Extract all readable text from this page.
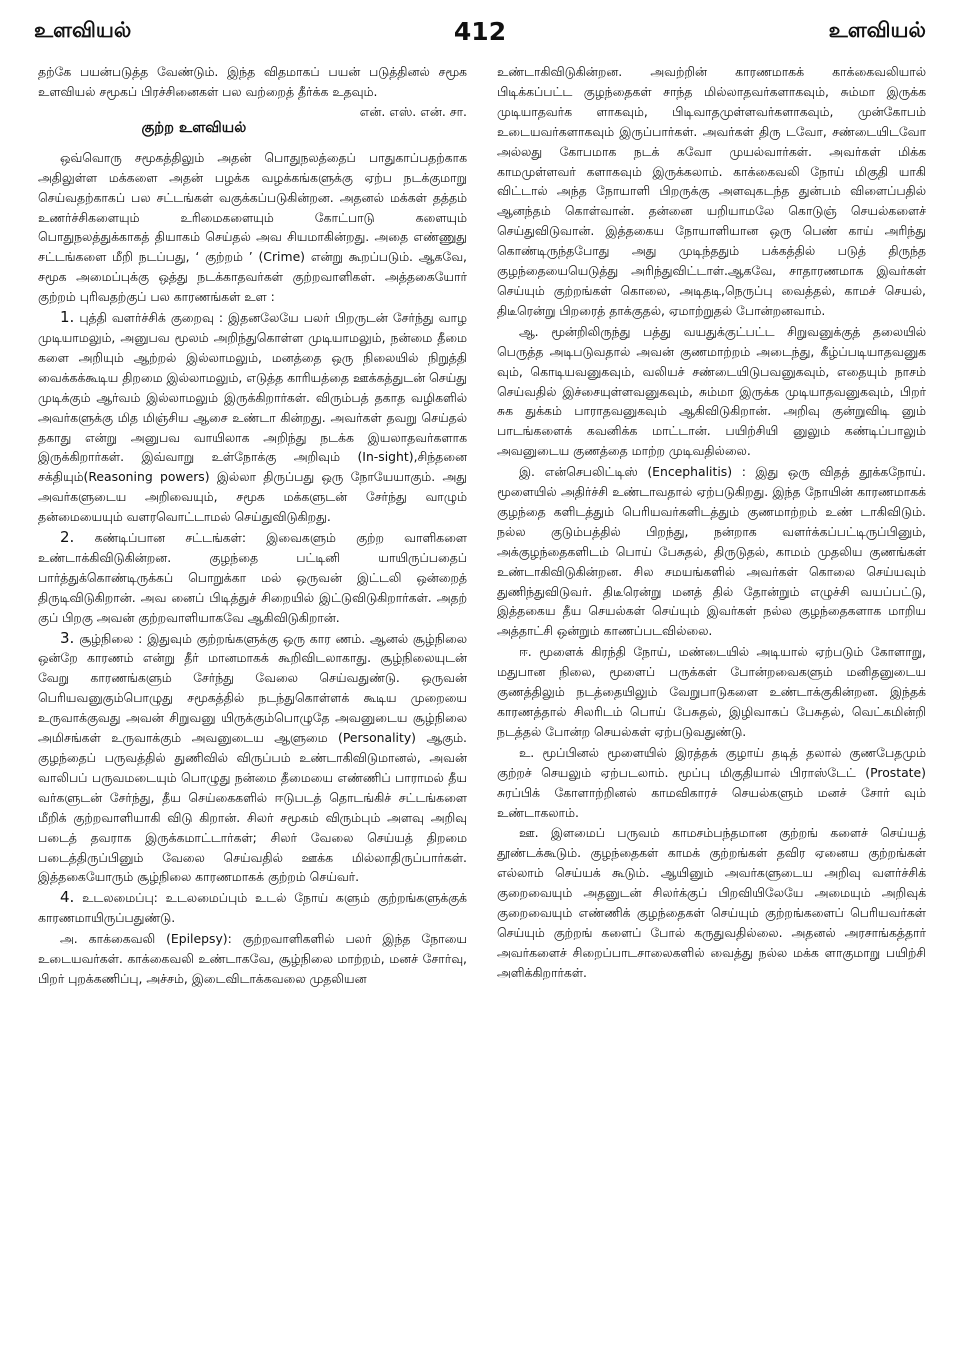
உளவியல்	412	உளவியல்

தற்கே பயன்படுத்த வேண்டும். இந்த விதமாகப் பயன் படுத்தினல் சமூக உளவியல் சமூகப் பிரச்சினைகள் பல வற்றைத் தீர்க்க உதவும்.
என். எஸ். என். சா.

குற்ற உளவியல்

ஒவ்வொரு சமூகத்திலும் அதன் பொதுநலத்தைப் பாதுகாப்பதற்காக அதிலுள்ள மக்களை அதன் பழக்க வழக்கங்களுக்கு ஏற்ப நடக்குமாறு செய்வதற்காகப் பல சட்டங்கள் வகுக்கப்படுகின்றன. அதனல் மக்கள் தத்தம் உணர்ச்சிகளையும் உரிமைகளையும் கோட்பாடு களையும் பொதுநலத்துக்காகத் தியாகம் செய்தல் அவ சியமாகின்றது. அதை எண்ணுது சட்டங்களை மீறி நடப்பது, ‘ குற்றம் ’ (Crime) என்று கூறப்படும். ஆகவே, சமூக அமைப்புக்கு ஒத்து நடக்காதவர்கள் குற்றவாளிகள். அத்தகையோர் குற்றம் புரிவதற்குப் பல காரணங்கள் உள :

1. புத்தி வளர்ச்சிக் குறைவு : இதனலேயே பலர் பிறருடன் சேர்ந்து வாழ முடியாமலும், அனுபவ மூலம் அறிந்துகொள்ள முடியாமலும், நன்மை தீமை களை அறியும் ஆற்றல் இல்லாமலும், மனத்தை ஒரு நிலையில் நிறுத்தி வைக்கக்கூடிய திறமை இல்லாமலும், எடுத்த காரியத்தை ஊக்கத்துடன் செய்து முடிக்கும் ஆர்வம் இல்லாமலும் இருக்கிறார்கள். விரும்பத் தகாத வழிகளில் அவர்களுக்கு மித மிஞ்சிய ஆசை உண்டா கின்றது. அவர்கள் தவறு செய்தல் தகாது என்று அனுபவ வாயிலாக அறிந்து நடக்க இயலாதவர்களாக இருக்கிறார்கள். இவ்வாறு உள்நோக்கு அறிவும் (In-sight),சிந்தனை சக்தியும்(Reasoning powers) இல்லா திருப்பது ஒரு நோயேயாகும். அது அவர்களுடைய அறிவையும், சமூக மக்களுடன் சேர்ந்து வாழும் தன்மையையும் வளரவொட்டாமல் செய்துவிடுகிறது.

2. கண்டிப்பான சட்டங்கள்: இவைகளும் குற்ற வாளிகளை உண்டாக்கிவிடுகின்றன. குழந்தை பட்டினி யாயிருப்பதைப் பார்த்துக்கொண்டிருக்கப் பொறுக்கா மல் ஒருவன் இட்டலி ஒன்றைத் திருடிவிடுகிறான். அவ னைப் பிடித்துச் சிறையில் இட்டுவிடுகிறார்கள். அதற் குப் பிறகு அவன் குற்றவாளியாகவே ஆகிவிடுகிறான்.

3. சூழ்நிலை : இதுவும் குற்றங்களுக்கு ஒரு கார ணம். ஆனல் சூழ்நிலை ஒன்றே காரணம் என்று தீர் மானமாகக் கூறிவிடலாகாது. சூழ்நிலையுடன் வேறு காரணங்களும் சேர்ந்து வேலை செய்வதுண்டு. ஒருவன் பெரியவனுகும்பொழுது சமூகத்தில் நடந்துகொள்ளக் கூடிய முறையை உருவாக்குவது அவன் சிறுவனு யிருக்கும்பொழுதே அவனுடைய சூழ்நிலை அமிசங்கள் உருவாக்கும் அவனுடைய ஆளுமை (Personality) ஆகும். குழந்தைப் பருவத்தில் துணிவில் விருப்பம் உண்டாகிவிடுமானல், அவன் வாலிபப் பருவமடையும் பொழுது நன்மை தீமையை எண்ணிப் பாராமல் தீய வர்களுடன் சேர்ந்து, தீய செய்கைகளில் ஈடுபடத் தொடங்கிச் சட்டங்களை மீறிக் குற்றவாளியாகி விடு கிறான். சிலர் சமூகம் விரும்பும் அளவு அறிவு படைத் தவராக இருக்கமாட்டார்கள்; சிலர் வேலை செய்யத் திறமை படைத்திருப்பினும் வேலை செய்வதில் ஊக்க மில்லாதிருப்பார்கள். இத்தகையோரும் சூழ்நிலை காரணமாகக் குற்றம் செய்வர்.

4. உடலமைப்பு: உடலமைப்பும் உடல் நோய் களும் குற்றங்களுக்குக் காரணமாயிருப்பதுண்டு.

அ. காக்கைவலி (Epilepsy): குற்றவாளிகளில் பலர் இந்த நோயை உடையவர்கள். காக்கைவலி உண்டாகவே, சூழ்நிலை மாற்றம், மனச் சோர்வு, பிறர் புறக்கணிப்பு, அச்சம், இடைவிடாக்கவலை முதலியன

உண்டாகிவிடுகின்றன. அவற்றின் காரணமாகக் காக்கைவலியால் பிடிக்கப்பட்ட குழந்தைகள் சாந்த மில்லாதவர்களாகவும், சும்மா இருக்க முடியாதவர்க ளாகவும், பிடிவாதமுள்ளவர்களாகவும், முன்கோபம் உடையவர்களாகவும் இருப்பார்கள். அவர்கள் திரு டவோ, சண்டையிடவோ அல்லது கோபமாக நடக் கவோ முயல்வார்கள். அவர்கள் மிக்க காமமுள்ளவர் களாகவும் இருக்கலாம். காக்கைவலி நோய் மிகுதி யாகி விட்டால் அந்த நோயாளி பிறருக்கு அளவுகடந்த துன்பம் விளைப்பதில் ஆனந்தம் கொள்வான். தன்னை யறியாமலே கொடுஞ் செயல்களைச் செய்துவிடுவான். இத்தகைய நோயாளியான ஒரு பெண் காய் அரிந்து கொண்டிருந்தபோது அது முடிந்ததும் பக்கத்தில் படுத் திருந்த குழந்தையையெடுத்து அரிந்துவிட்டாள்.ஆகவே, சாதாரணமாக இவர்கள் செய்யும் குற்றங்கள் கொலை, அடிதடி,நெருப்பு வைத்தல், காமச் செயல், திடீரென்று பிறரைத் தாக்குதல், ஏமாற்றுதல் போன்றனவாம்.

ஆ. மூன்றிலிருந்து பத்து வயதுக்குட்பட்ட சிறுவனுக்குத் தலையில் பெருத்த அடிபடுவதால் அவன் குணமாற்றம் அடைந்து, கீழ்ப்படியாதவனுக வும், கொடியவனுகவும், வலியச் சண்டையிடுபவனுகவும், எதையும் நாசம் செய்வதில் இச்சையுள்ளவனுகவும், சும்மா இருக்க முடியாதவனுகவும், பிறர் சுக துக்கம் பாராதவனுகவும் ஆகிவிடுகிறான். அறிவு குன்றுவிடி னும் பாடங்களைக் கவனிக்க மாட்டான். பயிற்சியி னுலும் கண்டிப்பாலும் அவனுடைய குணத்தை மாற்ற முடிவதில்லை.

இ. என்செபலிட்டிஸ் (Encephalitis) : இது ஒரு விதத் தூக்கநோய். மூளையில் அதிர்ச்சி உண்டாவதால் ஏற்படுகிறது. இந்த நோயின் காரணமாகக் குழந்தை களிடத்தும் பெரியவர்களிடத்தும் குணமாற்றம் உண் டாகிவிடும். நல்ல குடும்பத்தில் பிறந்து, நன்றாக வளர்க்கப்பட்டிருப்பினும், அக்குழந்தைகளிடம் பொய் பேசுதல், திருடுதல், காமம் முதலிய குணங்கள் உண்டாகிவிடுகின்றன. சில சமயங்களில் அவர்கள் கொலை செய்யவும் துணிந்துவிடுவர். திடீரென்று மனத் தில் தோன்றும் எழுச்சி வயப்பட்டு, இத்தகைய தீய செயல்கள் செய்யும் இவர்கள் நல்ல குழந்தைகளாக மாறிய அத்தாட்சி ஒன்றும் காணப்படவில்லை.

ஈ. மூளைக் கிரந்தி நோய், மண்டையில் அடியால் ஏற்படும் கோளாறு, மதுபான நிலை, மூளைப் பருக்கள் போன்றவைகளும் மனிதனுடைய குணத்திலும் நடத்தையிலும் வேறுபாடுகளை உண்டாக்குகின்றன. இந்தக் காரணத்தால் சிலரிடம் பொய் பேசுதல், இழிவாகப் பேசுதல், வெட்கமின்றி நடத்தல் போன்ற செயல்கள் ஏற்படுவதுண்டு.

உ. மூப்பினல் மூளையில் இரத்தக் குழாய் தடித் தலால் குணபேதமும் குற்றச் செயலும் ஏற்படலாம். மூப்பு மிகுதியால் பிராஸ்டேட் (Prostate) சுரப்பிக் கோளாற்றினல் காமவிகாரச் செயல்களும் மனச் சோர் வும் உண்டாகலாம்.

ஊ. இளமைப் பருவம் காமசம்பந்தமான குற்றங் களைச் செய்யத் தூண்டக்கூடும். குழந்தைகள் காமக் குற்றங்கள் தவிர ஏனைய குற்றங்கள் எல்லாம் செய்யக் கூடும். ஆயினும் அவர்களுடைய அறிவு வளர்ச்சிக் குறைவையும் அதனுடன் சிலர்க்குப் பிறவியிலேயே அமையும் அறிவுக் குறைவையும் எண்ணிக் குழந்தைகள் செய்யும் குற்றங்களைப் பெரியவர்கள் செய்யும் குற்றங் களைப் போல் கருதுவதில்லை. அதனல் அரசாங்கத்தார் அவர்களைச் சிறைப்பாடசாலைகளில் வைத்து நல்ல மக்க ளாகுமாறு பயிற்சி அளிக்கிறார்கள்.
